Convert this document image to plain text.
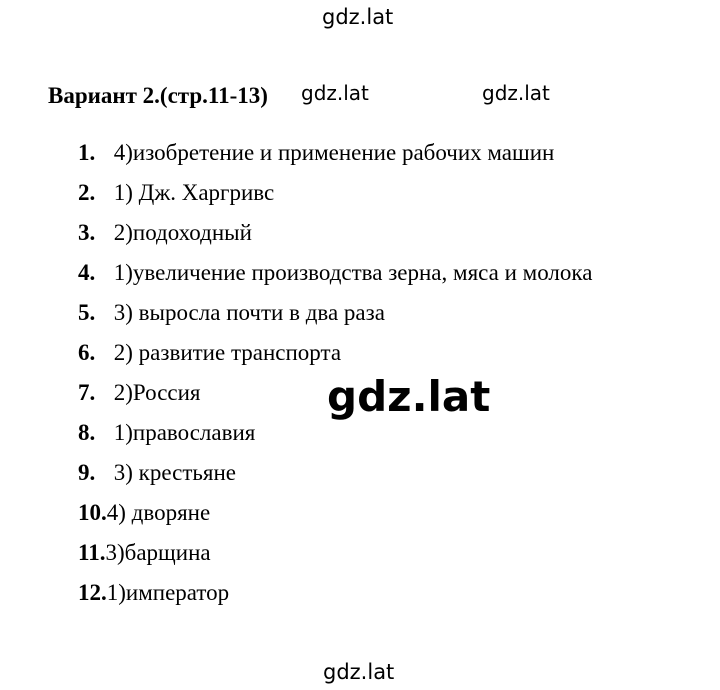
gdz.lat
Вариант 2.(стр.11-13) gdz.lat	gdz.lat
1. 4)изобретение и применение рабочих машин
2. 1) Дж. Харгривс
3. 2)подоходный
4. 1)увеличение производства зерна, мяса и молока
5. 3) выросла почти в два раза
6. 2) развитие транспорта
7. 2)Россия
8. 1)православия
9. 3) крестьяне
10.4) дворяне
11.3)барщина
12.1)император
gdz.lat
gdz.lat
